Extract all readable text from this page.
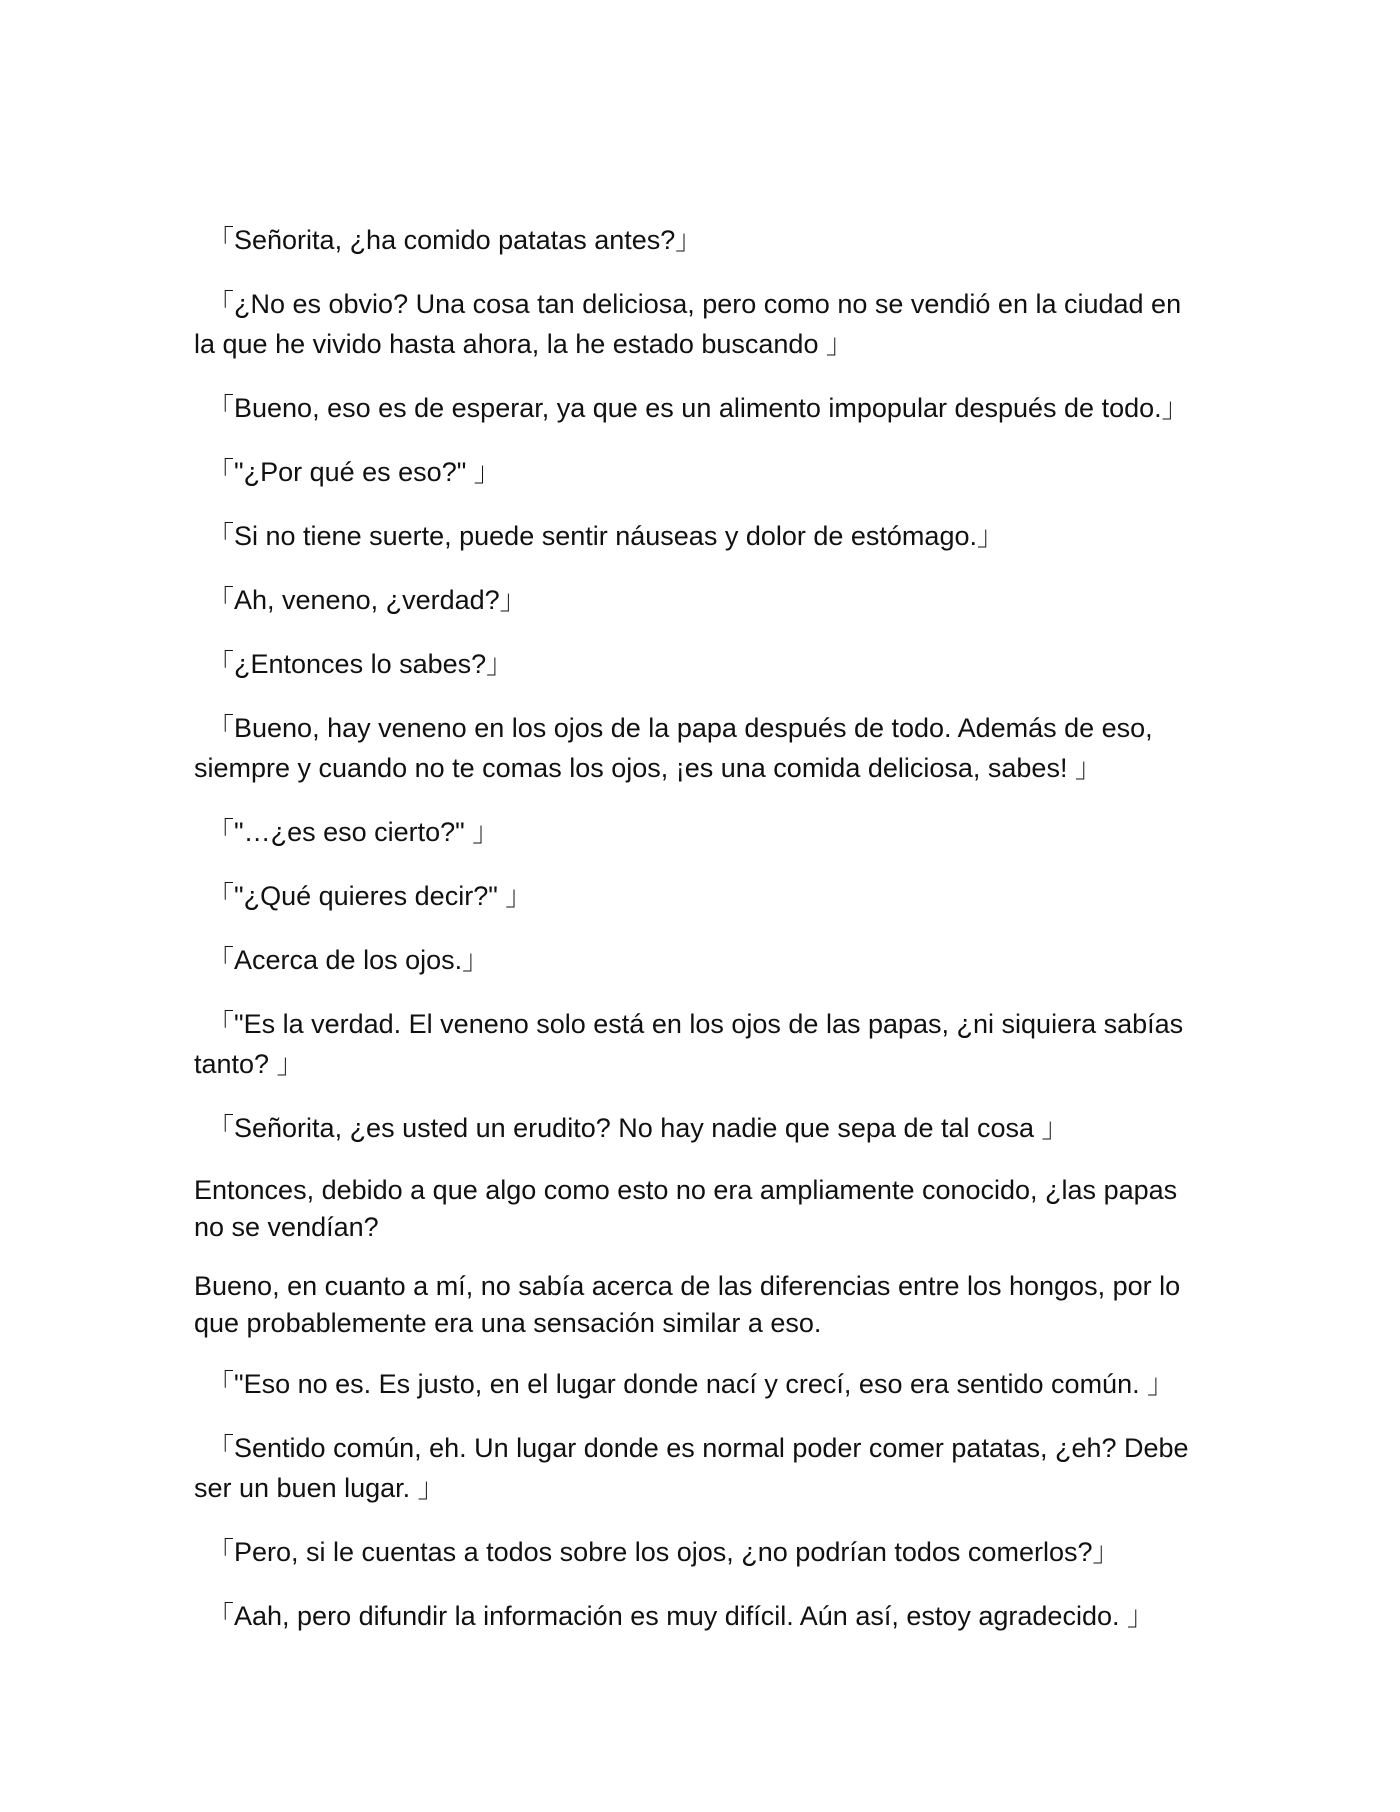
「Señorita, ¿ha comido patatas antes?」

「¿No es obvio? Una cosa tan deliciosa, pero como no se vendió en la ciudad en la que he vivido hasta ahora, la he estado buscando 」

「Bueno, eso es de esperar, ya que es un alimento impopular después de todo.」

「"¿Por qué es eso?" 」

「Si no tiene suerte, puede sentir náuseas y dolor de estómago.」

「Ah, veneno, ¿verdad?」

「¿Entonces lo sabes?」

「Bueno, hay veneno en los ojos de la papa después de todo. Además de eso, siempre y cuando no te comas los ojos, ¡es una comida deliciosa, sabes! 」

「"…¿es eso cierto?" 」

「"¿Qué quieres decir?" 」

「Acerca de los ojos.」

「"Es la verdad. El veneno solo está en los ojos de las papas, ¿ni siquiera sabías tanto? 」

「Señorita, ¿es usted un erudito? No hay nadie que sepa de tal cosa 」

Entonces, debido a que algo como esto no era ampliamente conocido, ¿las papas no se vendían?

Bueno, en cuanto a mí, no sabía acerca de las diferencias entre los hongos, por lo que probablemente era una sensación similar a eso.

「"Eso no es. Es justo, en el lugar donde nací y crecí, eso era sentido común. 」

「Sentido común, eh. Un lugar donde es normal poder comer patatas, ¿eh? Debe ser un buen lugar. 」

「Pero, si le cuentas a todos sobre los ojos, ¿no podrían todos comerlos?」

「Aah, pero difundir la información es muy difícil. Aún así, estoy agradecido. 」
